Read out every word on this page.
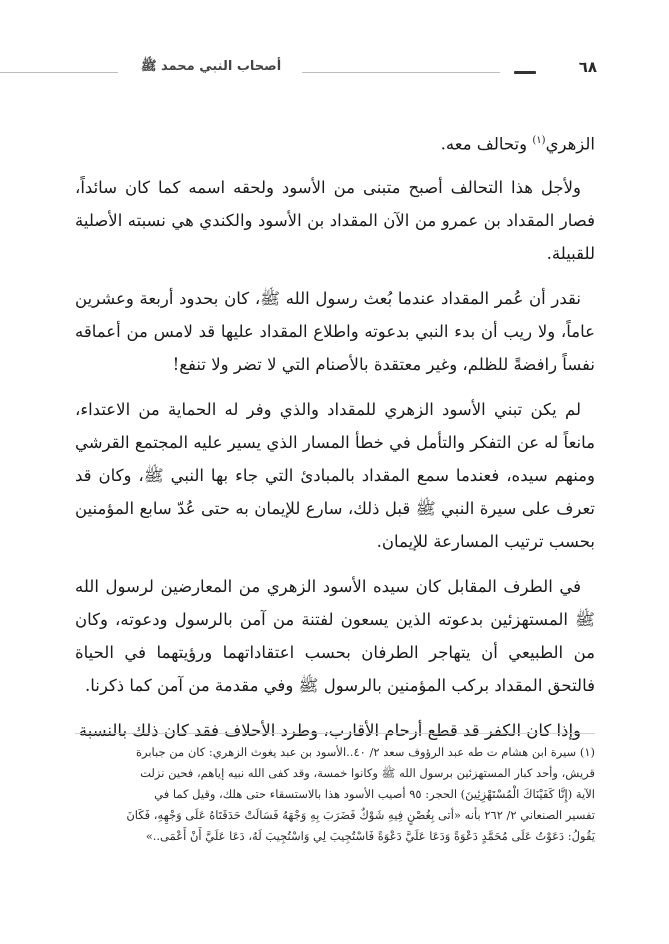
أصحاب النبي محمد ﷺ	٦٨

الزهري$^{(١)}$ وتحالف معه.

ولأجل هذا التحالف أصبح متبنى من الأسود ولحقه اسمه كما كان سائداً، فصار المقداد بن عمرو من الآن المقداد بن الأسود والكندي هي نسبته الأصلية للقبيلة.

نقدر أن عُمر المقداد عندما بُعث رسول الله ﷺ، كان بحدود أربعة وعشرين عاماً، ولا ريب أن بدء النبي بدعوته واطلاع المقداد عليها قد لامس من أعماقه نفساً رافضةً للظلم، وغير معتقدة بالأصنام التي لا تضر ولا تنفع!

لم يكن تبني الأسود الزهري للمقداد والذي وفر له الحماية من الاعتداء، مانعاً له عن التفكر والتأمل في خطأ المسار الذي يسير عليه المجتمع القرشي ومنهم سيده، فعندما سمع المقداد بالمبادئ التي جاء بها النبي ﷺ، وكان قد تعرف على سيرة النبي ﷺ قبل ذلك، سارع للإيمان به حتى عُدّ سابع المؤمنين بحسب ترتيب المسارعة للإيمان.

في الطرف المقابل كان سيده الأسود الزهري من المعارضين لرسول الله ﷺ المستهزئين بدعوته الذين يسعون لفتنة من آمن بالرسول ودعوته، وكان من الطبيعي أن يتهاجر الطرفان بحسب اعتقاداتهما ورؤيتهما في الحياة فالتحق المقداد بركب المؤمنين بالرسول ﷺ وفي مقدمة من آمن كما ذكرنا.

وإذا كان الكفر قد قطع أرحام الأقارب، وطرد الأحلاف فقد كان ذلك بالنسبة

(١) سيرة ابن هشام ت طه عبد الرؤوف سعد ٢/ ٤٠..الأسود بن عبد يغوث الزهري: كان من جبابرة

قريش، وأحد كبار المستهزئين برسول الله ﷺ وكانوا خمسة، وقد كفى الله نبيه إياهم، فحين نزلت

الآية (إِنَّا كَفَيْنَاكَ الْمُسْتَهْزِئِينَ) الحجر: ٩٥ أصيب الأسود هذا بالاستسقاء حتى هلك، وقيل كما في

تفسير الصنعاني ٢/ ٢٦٢ بأنه «أتى بِغُصْنٍ فِيهِ شَوْكٌ فَضَرَبَ بِهِ وَجْهَهُ فَسَالَتْ حَدَقَتَاهُ عَلَى وَجْهِهِ، فَكَانَ

يَقُولُ: دَعَوْتُ عَلَى مُحَمَّدٍ دَعْوَةً وَدَعَا عَلَيَّ دَعْوَةً فَاسْتُجِيبَ لِي وَاسْتُجِيبَ لَهُ، دَعَا عَلَيَّ أَنْ أَعْمَى..»
